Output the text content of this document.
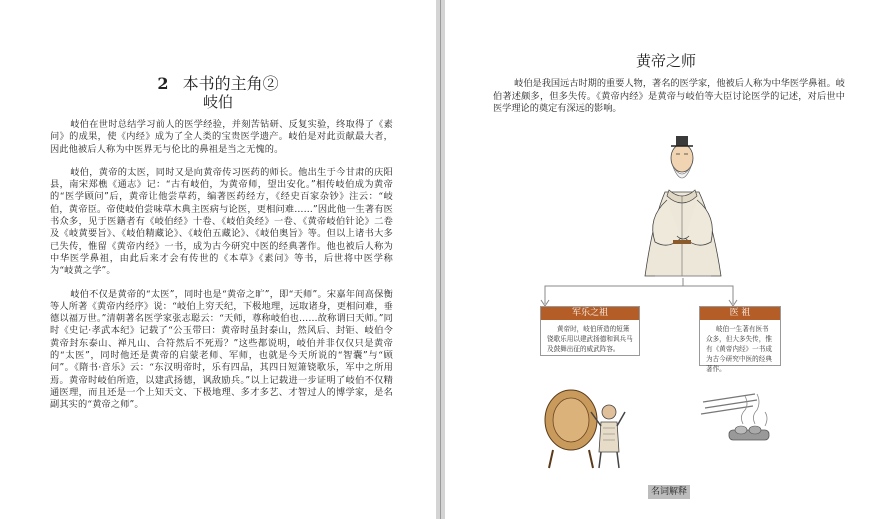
2 本书的主角②
岐伯

岐伯在世时总结学习前人的医学经验，并刻苦钻研、反复实验，终取得了《素问》的成果，使《内经》成为了全人类的宝贵医学遗产。岐伯是对此贡献最大者，因此他被后人称为中医界无与伦比的鼻祖是当之无愧的。

岐伯，黄帝的太医，同时又是向黄帝传习医药的师长。他出生于今甘肃的庆阳县，南宋郑樵《通志》记：“古有岐伯，为黄帝师，望出安化。”相传岐伯成为黄帝的“医学顾问”后，黄帝让他尝草药，编著医药经方，《经史百家杂钞》注云：“岐伯，黄帝臣。帝使岐伯尝味草木典主医病与论医，更相问难……”因此他一生著有医书众多，见于医籍者有《岐伯经》十卷、《岐伯灸经》一卷、《黄帝岐伯针论》二卷及《岐黄要旨》、《岐伯精藏论》、《岐伯五藏论》、《岐伯奥旨》等。但以上诸书大多已失传，惟留《黄帝内经》一书，成为古今研究中医的经典著作。他也被后人称为中华医学鼻祖，由此后来才会有传世的《本草》《素问》等书，后世将中医学称为“岐黄之学”。

岐伯不仅是黄帝的“太医”，同时也是“黄帝之旷”，即“天师”。宋嘉年间高保衡等人所著《黄帝内经序》说：“岐伯上穷天纪，下极地理，远取诸身，更相问难，垂德以福万世。”清朝著名医学家张志聪云：“天师，尊称岐伯也……故称谓曰天师。”同时《史记·孝武本纪》记载了“公玉带曰：黄帝时虽封泰山，然风后、封钜、岐伯令黄帝封东泰山、禅凡山、合符然后不死焉？”这些都说明，岐伯并非仅仅只是黄帝的“太医”，同时他还是黄帝的启蒙老师、军师，也就是今天所说的“智囊”与“顾问”。《隋书·音乐》云：“东汉明帝时，乐有四品，其四日短箫铙歌乐，军中之所用焉。黄帝时岐伯所造，以建武扬德，讽敌励兵。”以上记载进一步证明了岐伯不仅精通医理，而且还是一个上知天文、下极地理、多才多艺、才智过人的博学家，是名副其实的“黄帝之师”。

黄帝之师

岐伯是我国远古时期的重要人物，著名的医学家，他被后人称为中华医学鼻祖。岐伯著述颇多，但多失传。《黄帝内经》是黄帝与岐伯等大臣讨论医学的记述，对后世中医学理论的奠定有深远的影响。

军乐之祖
黄帝时，岐伯所造的短箫铙歌乐用以建武扬德和讽兵马及鼓舞出征的威武阵容。
医 祖
岐伯一生著有医书众多，但大多失传，惟有《黄帝内经》一书成为古今研究中医的经典著作。
名词解释
